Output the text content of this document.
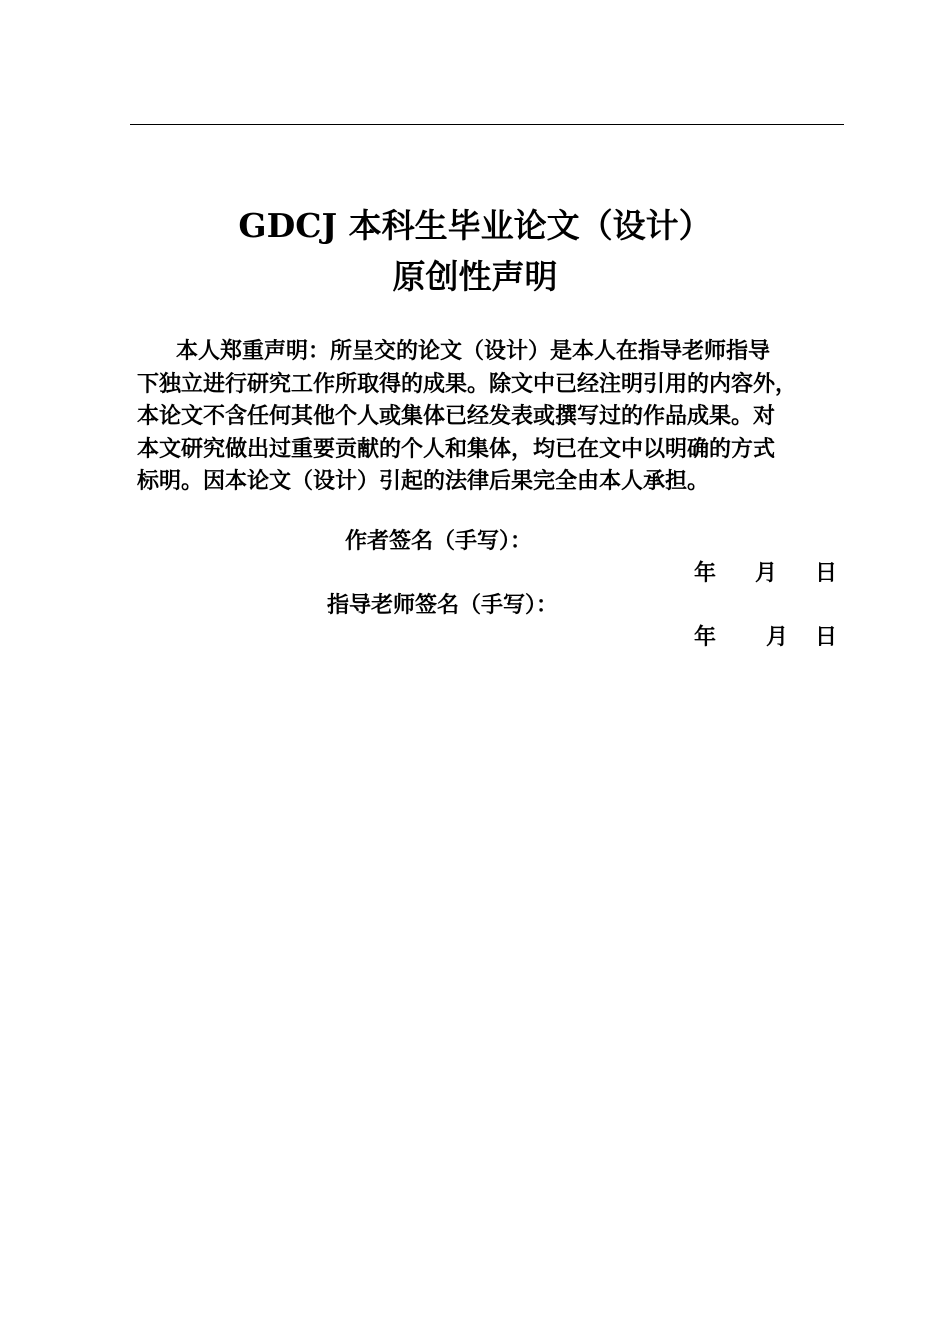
GDCJ 本科生毕业论文（设计）
原创性声明
本人郑重声明：所呈交的论文（设计）是本人在指导老师指导
下独立进行研究工作所取得的成果。除文中已经注明引用的内容外，
本论文不含任何其他个人或集体已经发表或撰写过的作品成果。对
本文研究做出过重要贡献的个人和集体，均已在文中以明确的方式
标明。因本论文（设计）引起的法律后果完全由本人承担。
作者签名（手写）：
年 月 日
指导老师签名（手写）：
年 月 日
